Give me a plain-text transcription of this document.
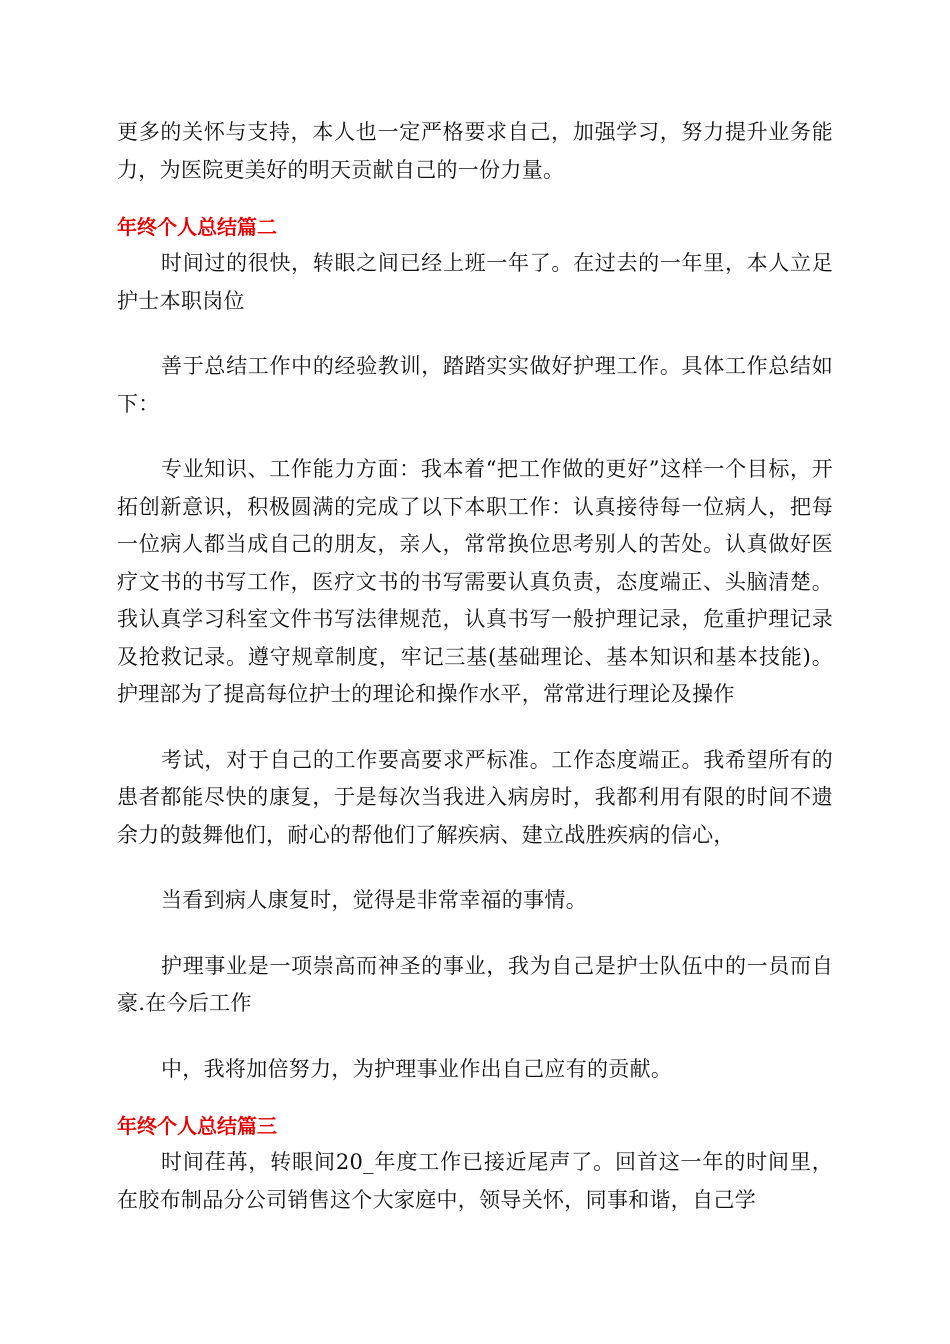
更多的关怀与支持，本人也一定严格要求自己，加强学习，努力提升业务能力，为医院更美好的明天贡献自己的一份力量。

年终个人总结篇二

时间过的很快，转眼之间已经上班一年了。在过去的一年里，本人立足护士本职岗位

善于总结工作中的经验教训，踏踏实实做好护理工作。具体工作总结如下：

专业知识、工作能力方面：我本着“把工作做的更好”这样一个目标，开拓创新意识，积极圆满的完成了以下本职工作：认真接待每一位病人，把每一位病人都当成自己的朋友，亲人，常常换位思考别人的苦处。认真做好医疗文书的书写工作，医疗文书的书写需要认真负责，态度端正、头脑清楚。我认真学习科室文件书写法律规范，认真书写一般护理记录，危重护理记录及抢救记录。遵守规章制度，牢记三基(基础理论、基本知识和基本技能)。护理部为了提高每位护士的理论和操作水平，常常进行理论及操作

考试，对于自己的工作要高要求严标准。工作态度端正。我希望所有的患者都能尽快的康复，于是每次当我进入病房时，我都利用有限的时间不遗余力的鼓舞他们，耐心的帮他们了解疾病、建立战胜疾病的信心，

当看到病人康复时，觉得是非常幸福的事情。

护理事业是一项崇高而神圣的事业，我为自己是护士队伍中的一员而自豪.在今后工作

中，我将加倍努力，为护理事业作出自己应有的贡献。

年终个人总结篇三

时间荏苒，转眼间20_年度工作已接近尾声了。回首这一年的时间里，在胶布制品分公司销售这个大家庭中，领导关怀，同事和谐，自己学
